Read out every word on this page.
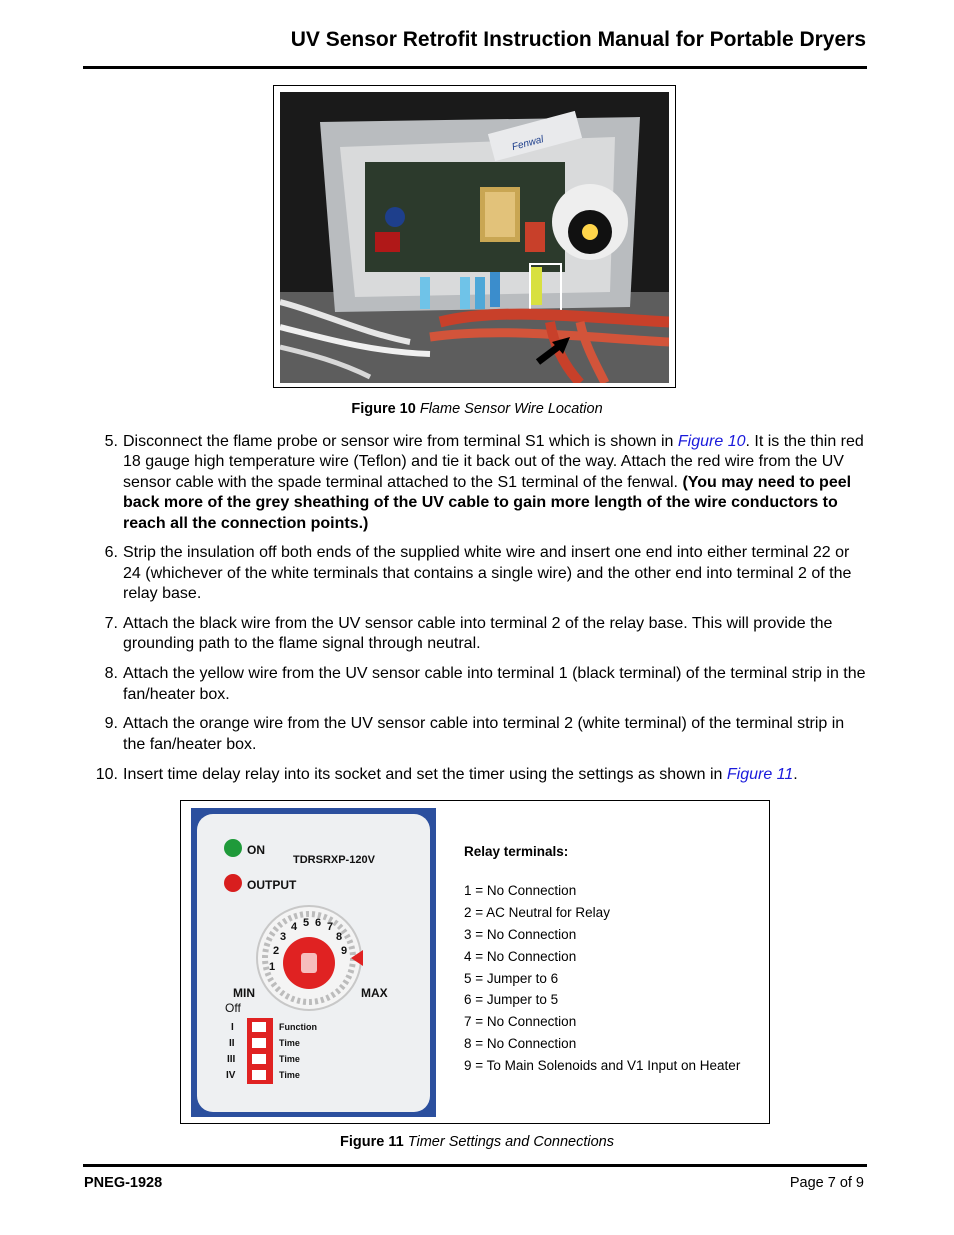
UV Sensor Retrofit Instruction Manual for Portable Dryers
Fenwal
Figure 10 Flame Sensor Wire Location
5. Disconnect the flame probe or sensor wire from terminal S1 which is shown in Figure 10. It is the thin red 18 gauge high temperature wire (Teflon) and tie it back out of the way. Attach the red wire from the UV sensor cable with the spade terminal attached to the S1 terminal of the fenwal. (You may need to peel back more of the grey sheathing of the UV cable to gain more length of the wire conductors to reach all the connection points.)
6. Strip the insulation off both ends of the supplied white wire and insert one end into either terminal 22 or 24 (whichever of the white terminals that contains a single wire) and the other end into terminal 2 of the relay base.
7. Attach the black wire from the UV sensor cable into terminal 2 of the relay base. This will provide the grounding path to the flame signal through neutral.
8. Attach the yellow wire from the UV sensor cable into terminal 1 (black terminal) of the terminal strip in the fan/heater box.
9. Attach the orange wire from the UV sensor cable into terminal 2 (white terminal) of the terminal strip in the fan/heater box.
10. Insert time delay relay into its socket and set the timer using the settings as shown in Figure 11.
ON
OUTPUT
TDRSRXP-120V
1
2
3
4 5 6 7
8
9
MIN	MAX
Off
I
II
III
IV
Function
Time
Time
Time
Relay terminals:
1 = No Connection
2 = AC Neutral for Relay
3 = No Connection
4 = No Connection
5 = Jumper to 6
6 = Jumper to 5
7 = No Connection
8 = No Connection
9 = To Main Solenoids and V1 Input on Heater
Figure 11 Timer Settings and Connections
PNEG-1928	Page 7 of 9
